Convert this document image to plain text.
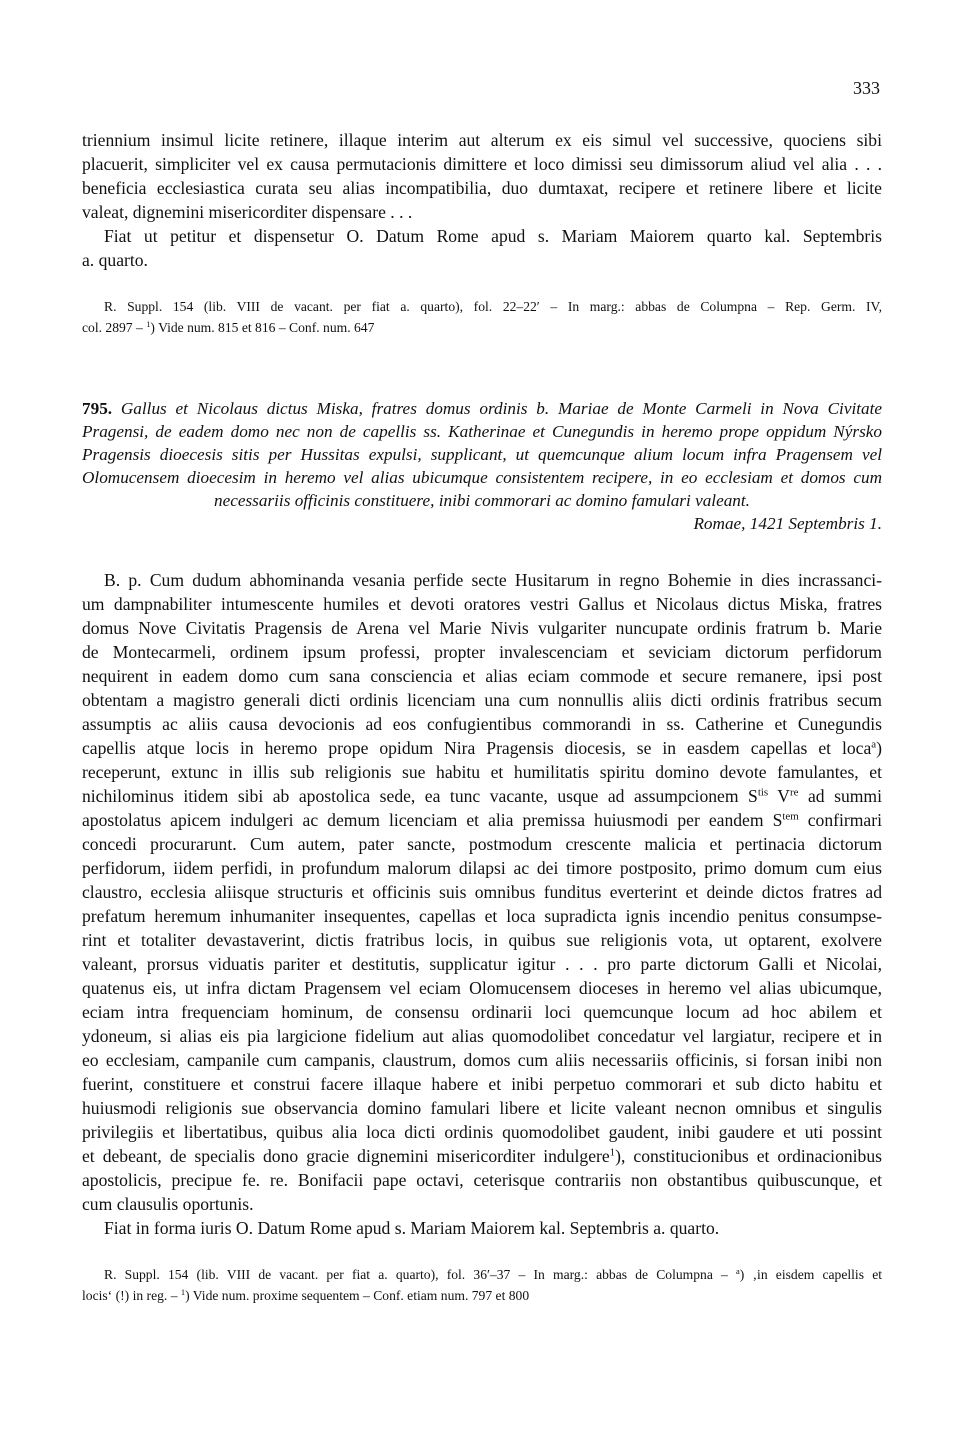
333
triennium insimul licite retinere, illaque interim aut alterum ex eis simul vel successive, quociens sibi
placuerit, simpliciter vel ex causa permutacionis dimittere et loco dimissi seu dimissorum aliud vel alia . . .
beneficia ecclesiastica curata seu alias incompatibilia, duo dumtaxat, recipere et retinere libere et licite
valeat, dignemini misericorditer dispensare . . .
Fiat ut petitur et dispensetur O. Datum Rome apud s. Mariam Maiorem quarto kal. Septembris
a. quarto.
R. Suppl. 154 (lib. VIII de vacant. per fiat a. quarto), fol. 22–22′ – In marg.: abbas de Columpna – Rep. Germ. IV,
col. 2897 – $^1$) Vide num. 815 et 816 – Conf. num. 647
795. Gallus et Nicolaus dictus Miska, fratres domus ordinis b. Mariae de Monte Carmeli in Nova Civitate
Pragensi, de eadem domo nec non de capellis ss. Katherinae et Cunegundis in heremo prope oppidum Nýrsko
Pragensis dioecesis sitis per Hussitas expulsi, supplicant, ut quemcunque alium locum infra Pragensem vel
Olomucensem dioecesim in heremo vel alias ubicumque consistentem recipere, in eo ecclesiam et domos cum
necessariis officinis constituere, inibi commorari ac domino famulari valeant.
Romae, 1421 Septembris 1.
B. p. Cum dudum abhominanda vesania perfide secte Husitarum in regno Bohemie in dies incrassanci-
um dampnabiliter intumescente humiles et devoti oratores vestri Gallus et Nicolaus dictus Miska, fratres
domus Nove Civitatis Pragensis de Arena vel Marie Nivis vulgariter nuncupate ordinis fratrum b. Marie
de Montecarmeli, ordinem ipsum professi, propter invalescenciam et seviciam dictorum perfidorum
nequirent in eadem domo cum sana consciencia et alias eciam commode et secure remanere, ipsi post
obtentam a magistro generali dicti ordinis licenciam una cum nonnullis aliis dicti ordinis fratribus secum
assumptis ac aliis causa devocionis ad eos confugientibus commorandi in ss. Catherine et Cunegundis
capellis atque locis in heremo prope opidum Nira Pragensis diocesis, se in easdem capellas et loca$^a$)
receperunt, extunc in illis sub religionis sue habitu et humilitatis spiritu domino devote famulantes, et
nichilominus itidem sibi ab apostolica sede, ea tunc vacante, usque ad assumpcionem $S^{tis}$ Vre ad summi
apostolatus apicem indulgeri ac demum licenciam et alia premissa huiusmodi per eandem $S^{tem}$ confirmari
concedi procurarunt. Cum autem, pater sancte, postmodum crescente malicia et pertinacia dictorum
perfidorum, iidem perfidi, in profundum malorum dilapsi ac dei timore postposito, primo domum cum eius
claustro, ecclesia aliisque structuris et officinis suis omnibus funditus everterint et deinde dictos fratres ad
prefatum heremum inhumaniter insequentes, capellas et loca supradicta ignis incendio penitus consumpse-
rint et totaliter devastaverint, dictis fratribus locis, in quibus sue religionis vota, ut optarent, exolvere
valeant, prorsus viduatis pariter et destitutis, supplicatur igitur . . . pro parte dictorum Galli et Nicolai,
quatenus eis, ut infra dictam Pragensem vel eciam Olomucensem dioceses in heremo vel alias ubicumque,
eciam intra frequenciam hominum, de consensu ordinarii loci quemcunque locum ad hoc abilem et
ydoneum, si alias eis pia largicione fidelium aut alias quomodolibet concedatur vel largiatur, recipere et in
eo ecclesiam, campanile cum campanis, claustrum, domos cum aliis necessariis officinis, si forsan inibi non
fuerint, constituere et construi facere illaque habere et inibi perpetuo commorari et sub dicto habitu et
huiusmodi religionis sue observancia domino famulari libere et licite valeant necnon omnibus et singulis
privilegiis et libertatibus, quibus alia loca dicti ordinis quomodolibet gaudent, inibi gaudere et uti possint
et debeant, de specialis dono gracie dignemini misericorditer indulgere$^1$), constitucionibus et ordinacionibus
apostolicis, precipue fe. re. Bonifacii pape octavi, ceterisque contrariis non obstantibus quibuscunque, et
cum clausulis oportunis.
Fiat in forma iuris O. Datum Rome apud s. Mariam Maiorem kal. Septembris a. quarto.
R. Suppl. 154 (lib. VIII de vacant. per fiat a. quarto), fol. 36′–37 – In marg.: abbas de Columpna – $^a$) ‚in eisdem capellis et
locis‘ (!) in reg. – $^1$) Vide num. proxime sequentem – Conf. etiam num. 797 et 800
